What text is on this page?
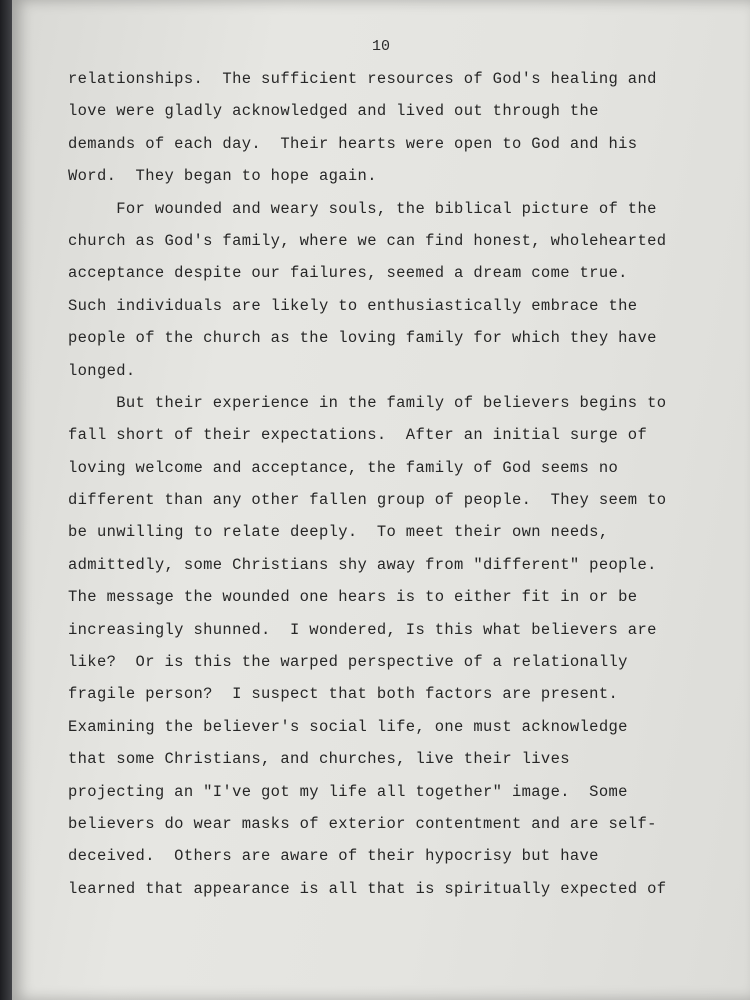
10
relationships.  The sufficient resources of God's healing and
love were gladly acknowledged and lived out through the
demands of each day.  Their hearts were open to God and his
Word.  They began to hope again.
For wounded and weary souls, the biblical picture of the
church as God's family, where we can find honest, wholehearted
acceptance despite our failures, seemed a dream come true.
Such individuals are likely to enthusiastically embrace the
people of the church as the loving family for which they have
longed.
But their experience in the family of believers begins to
fall short of their expectations.  After an initial surge of
loving welcome and acceptance, the family of God seems no
different than any other fallen group of people.  They seem to
be unwilling to relate deeply.  To meet their own needs,
admittedly, some Christians shy away from "different" people.
The message the wounded one hears is to either fit in or be
increasingly shunned.  I wondered, Is this what believers are
like?  Or is this the warped perspective of a relationally
fragile person?  I suspect that both factors are present.
Examining the believer's social life, one must acknowledge
that some Christians, and churches, live their lives
projecting an "I've got my life all together" image.  Some
believers do wear masks of exterior contentment and are self-
deceived.  Others are aware of their hypocrisy but have
learned that appearance is all that is spiritually expected of
